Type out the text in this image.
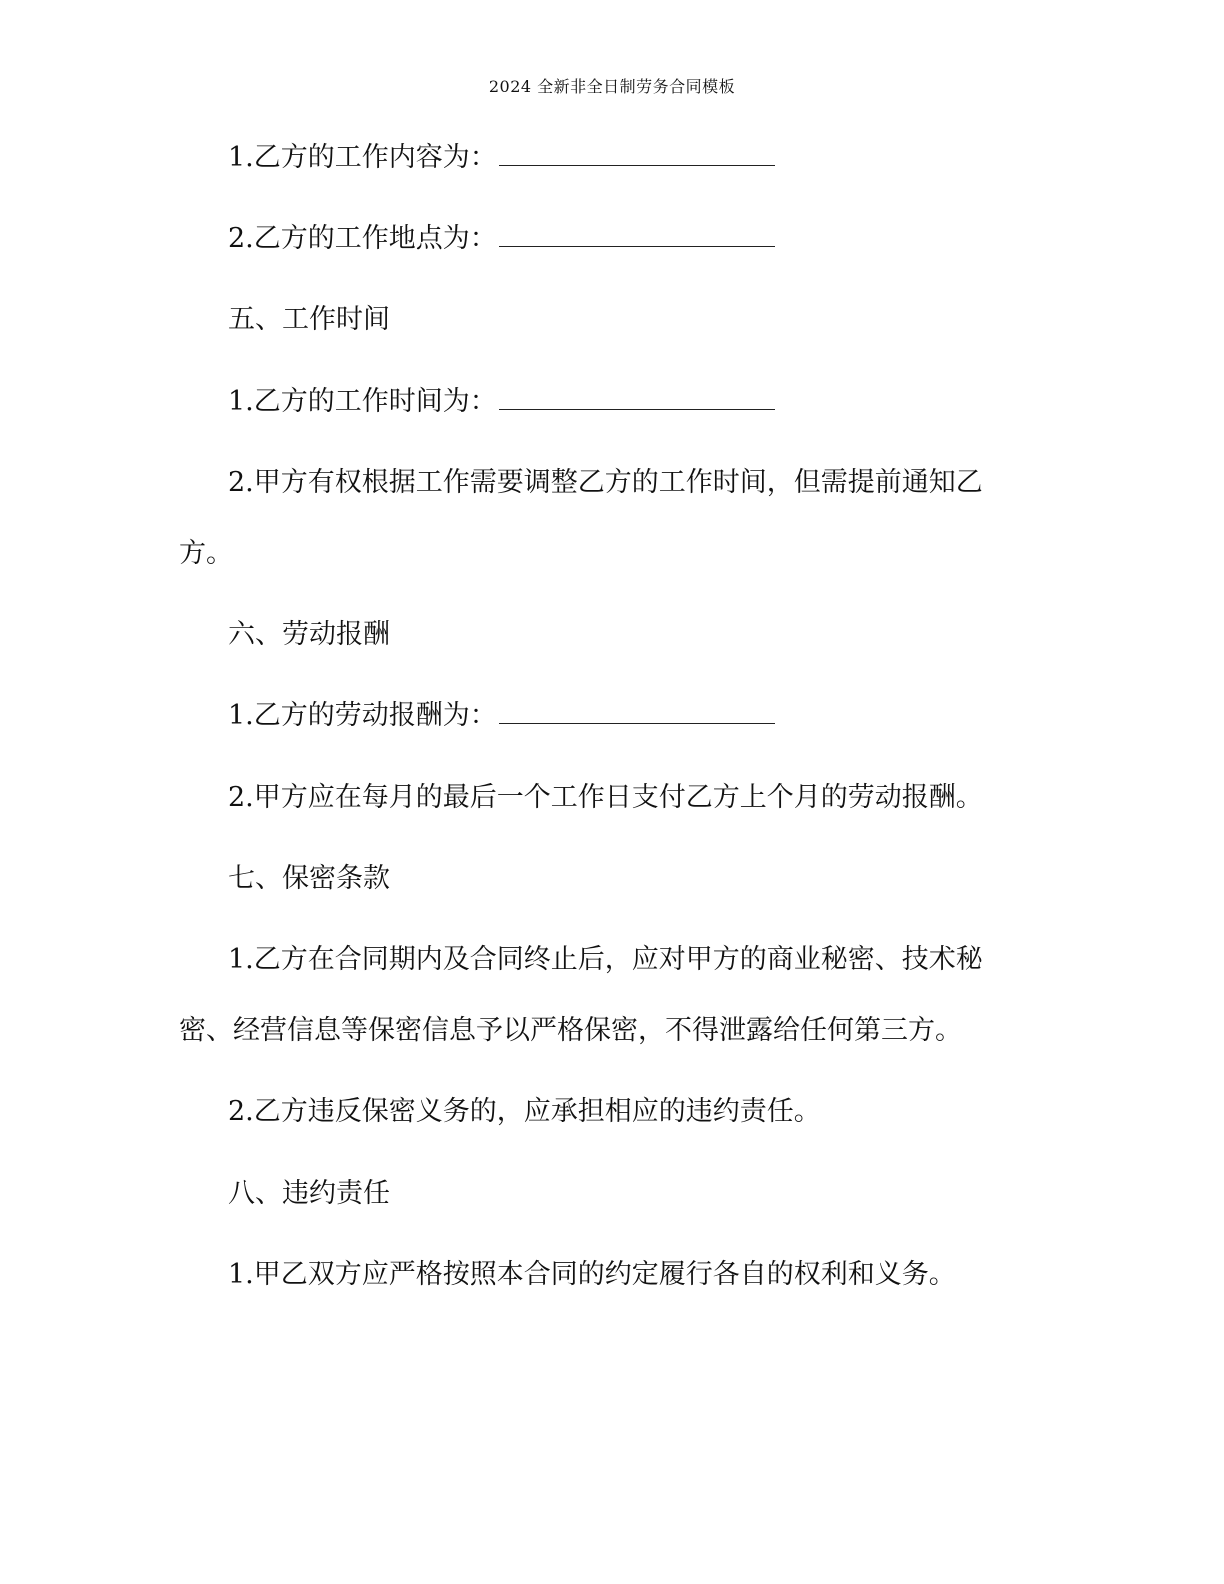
2024 全新非全日制劳务合同模板
1.乙方的工作内容为：
2.乙方的工作地点为：
五、工作时间
1.乙方的工作时间为：
2.甲方有权根据工作需要调整乙方的工作时间，但需提前通知乙
方。
六、劳动报酬
1.乙方的劳动报酬为：
2.甲方应在每月的最后一个工作日支付乙方上个月的劳动报酬。
七、保密条款
1.乙方在合同期内及合同终止后，应对甲方的商业秘密、技术秘
密、经营信息等保密信息予以严格保密，不得泄露给任何第三方。
2.乙方违反保密义务的，应承担相应的违约责任。
八、违约责任
1.甲乙双方应严格按照本合同的约定履行各自的权利和义务。
